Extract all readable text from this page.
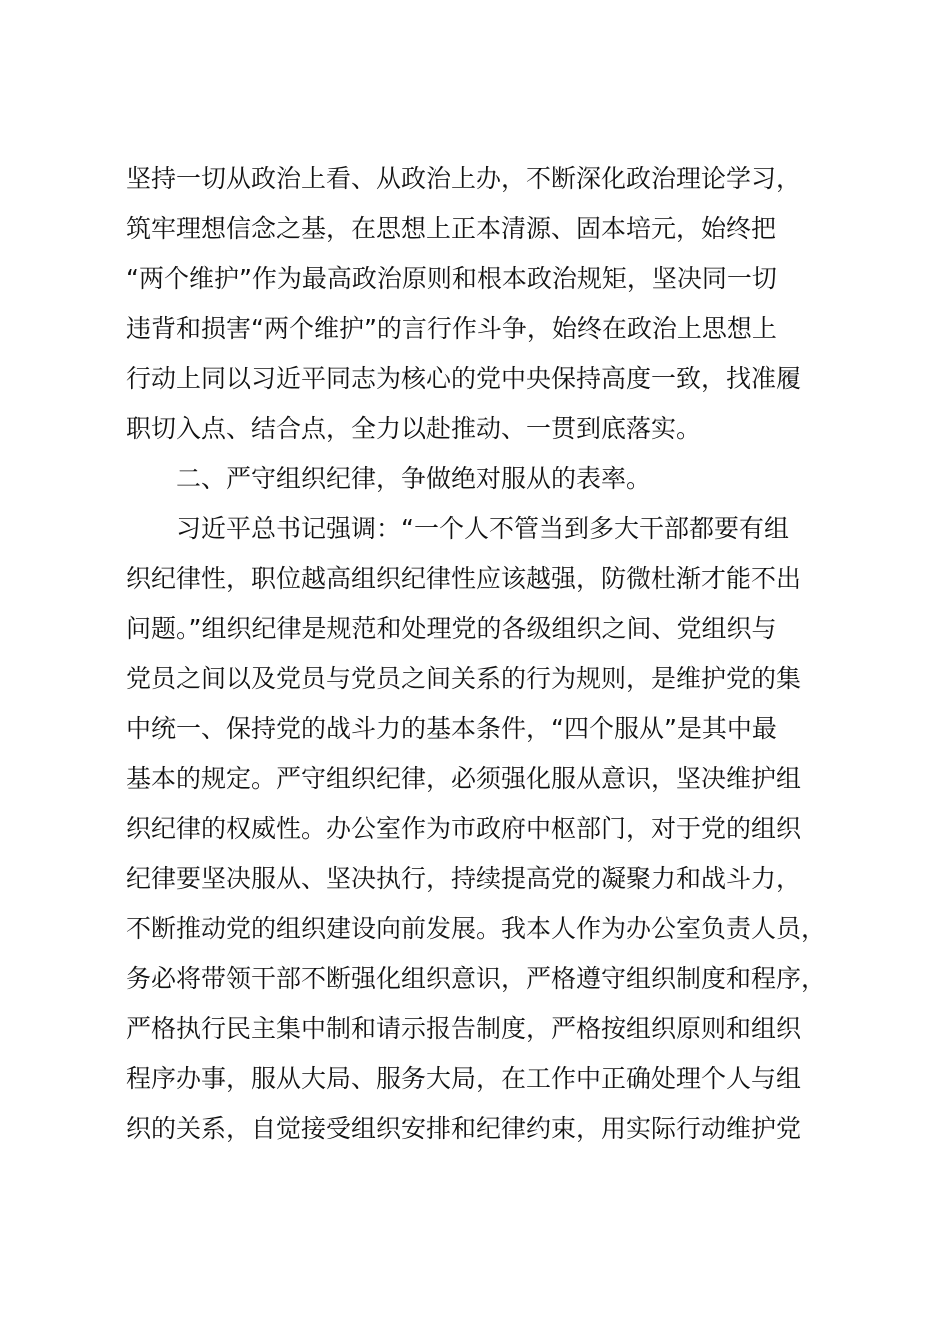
坚持一切从政治上看、从政治上办，不断深化政治理论学习，
筑牢理想信念之基，在思想上正本清源、固本培元，始终把
“两个维护”作为最高政治原则和根本政治规矩，坚决同一切
违背和损害“两个维护”的言行作斗争，始终在政治上思想上
行动上同以习近平同志为核心的党中央保持高度一致，找准履
职切入点、结合点，全力以赴推动、一贯到底落实。
二、严守组织纪律，争做绝对服从的表率。
习近平总书记强调：“一个人不管当到多大干部都要有组
织纪律性，职位越高组织纪律性应该越强，防微杜渐才能不出
问题。”组织纪律是规范和处理党的各级组织之间、党组织与
党员之间以及党员与党员之间关系的行为规则，是维护党的集
中统一、保持党的战斗力的基本条件，“四个服从”是其中最
基本的规定。严守组织纪律，必须强化服从意识，坚决维护组
织纪律的权威性。办公室作为市政府中枢部门，对于党的组织
纪律要坚决服从、坚决执行，持续提高党的凝聚力和战斗力，
不断推动党的组织建设向前发展。我本人作为办公室负责人员，
务必将带领干部不断强化组织意识，严格遵守组织制度和程序，
严格执行民主集中制和请示报告制度，严格按组织原则和组织
程序办事，服从大局、服务大局，在工作中正确处理个人与组
织的关系，自觉接受组织安排和纪律约束，用实际行动维护党
